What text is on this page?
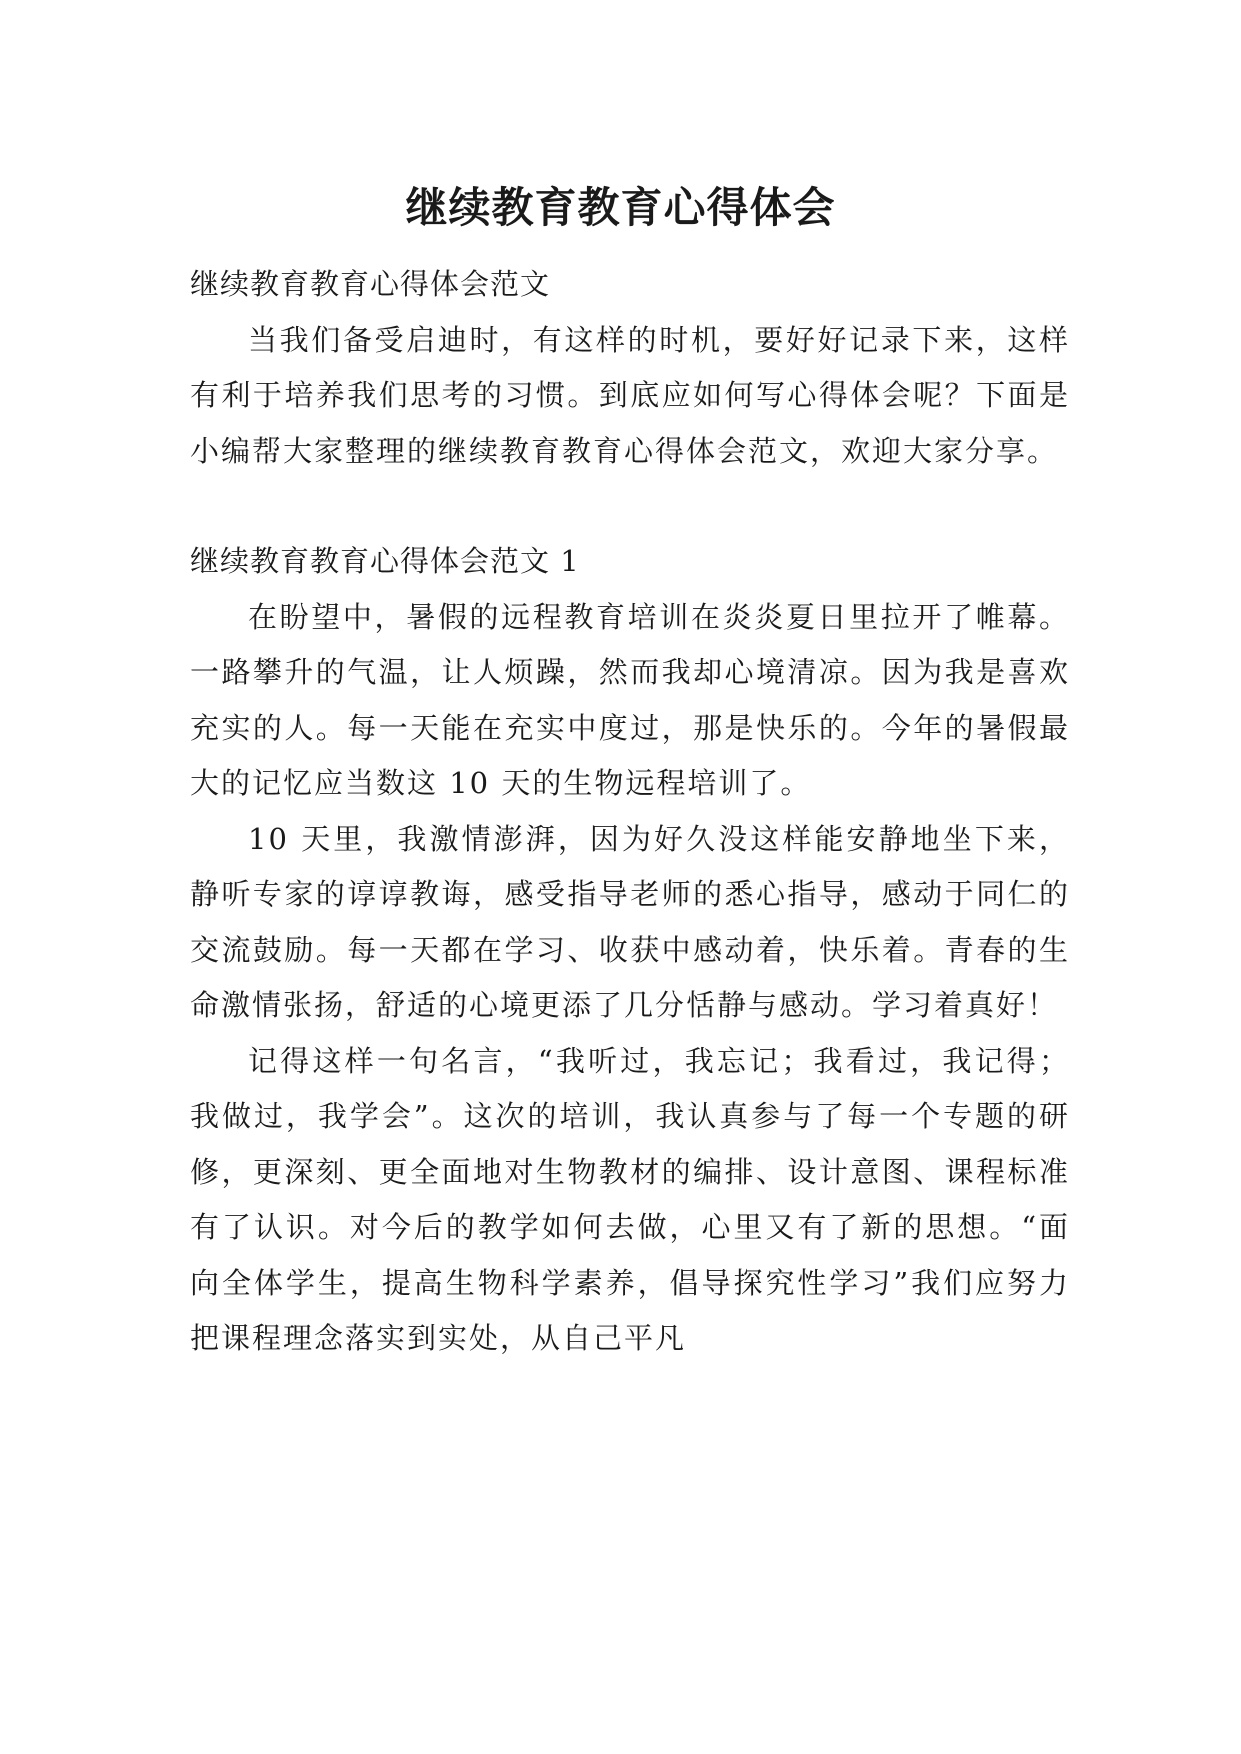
继续教育教育心得体会

继续教育教育心得体会范文

当我们备受启迪时，有这样的时机，要好好记录下来，这样有利于培养我们思考的习惯。到底应如何写心得体会呢？下面是小编帮大家整理的继续教育教育心得体会范文，欢迎大家分享。

继续教育教育心得体会范文 1

在盼望中，暑假的远程教育培训在炎炎夏日里拉开了帷幕。一路攀升的气温，让人烦躁，然而我却心境清凉。因为我是喜欢充实的人。每一天能在充实中度过，那是快乐的。今年的暑假最大的记忆应当数这 10 天的生物远程培训了。

10 天里，我激情澎湃，因为好久没这样能安静地坐下来，静听专家的谆谆教诲，感受指导老师的悉心指导，感动于同仁的交流鼓励。每一天都在学习、收获中感动着，快乐着。青春的生命激情张扬，舒适的心境更添了几分恬静与感动。学习着真好！

记得这样一句名言，“我听过，我忘记；我看过，我记得；我做过，我学会”。这次的培训，我认真参与了每一个专题的研修，更深刻、更全面地对生物教材的编排、设计意图、课程标准有了认识。对今后的教学如何去做，心里又有了新的思想。“面向全体学生，提高生物科学素养，倡导探究性学习”我们应努力把课程理念落实到实处，从自己平凡
